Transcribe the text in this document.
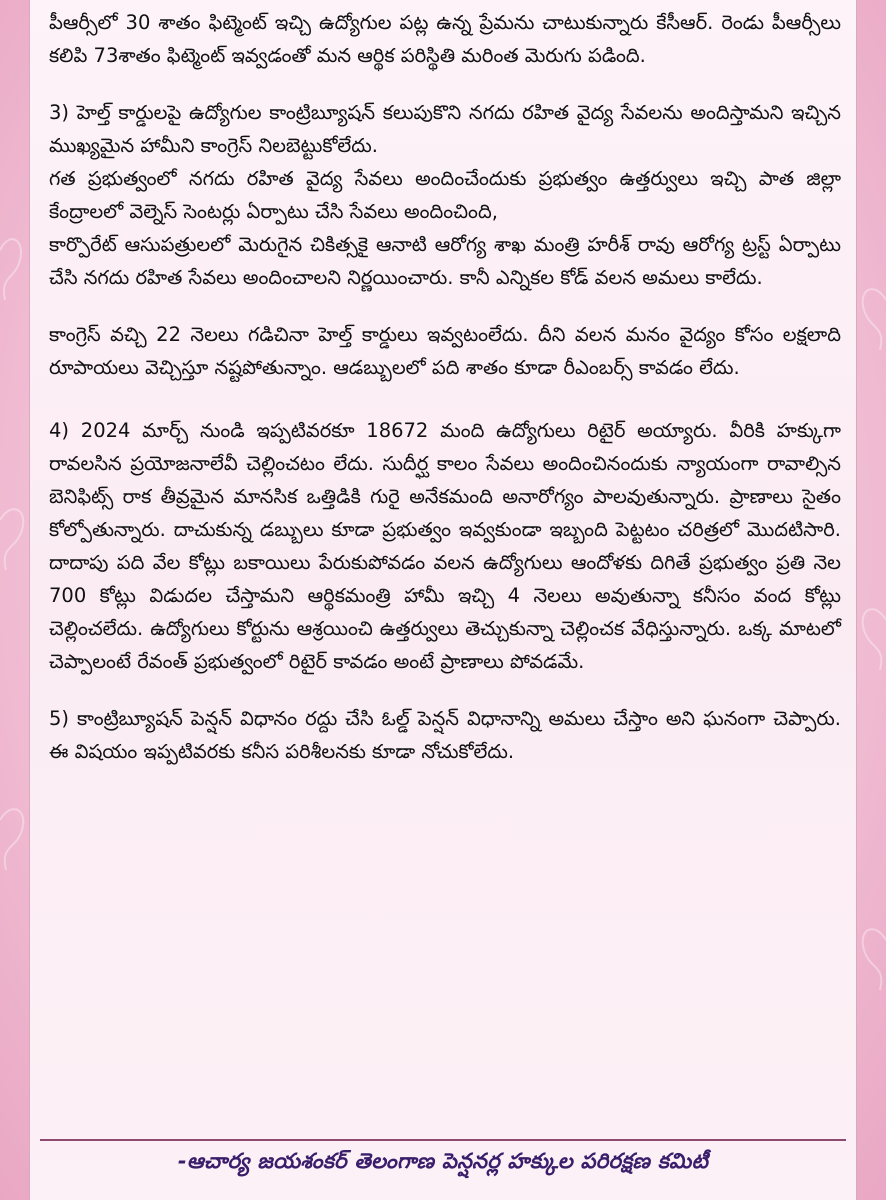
పీఆర్సీలో 30 శాతం ఫిట్మెంట్ ఇచ్చి ఉద్యోగుల పట్ల ఉన్న ప్రేమను చాటుకున్నారు కేసీఆర్. రెండు పీఆర్సీలు కలిపి 73శాతం ఫిట్మెంట్ ఇవ్వడంతో మన ఆర్థిక పరిస్థితి మరింత మెరుగు పడింది.

3) హెల్త్ కార్డులపై ఉద్యోగుల కాంట్రిబ్యూషన్ కలుపుకొని నగదు రహిత వైద్య సేవలను అందిస్తామని ఇచ్చిన ముఖ్యమైన హామీని కాంగ్రెస్ నిలబెట్టుకోలేదు.

గత ప్రభుత్వంలో నగదు రహిత వైద్య సేవలు అందించేందుకు ప్రభుత్వం ఉత్తర్వులు ఇచ్చి పాత జిల్లా కేంద్రాలలో వెల్నెస్ సెంటర్లు ఏర్పాటు చేసి సేవలు అందించింది,

కార్పొరేట్ ఆసుపత్రులలో మెరుగైన చికిత్సకై ఆనాటి ఆరోగ్య శాఖ మంత్రి హరీశ్ రావు ఆరోగ్య ట్రస్ట్ ఏర్పాటు చేసి నగదు రహిత సేవలు అందించాలని నిర్ణయించారు. కానీ ఎన్నికల కోడ్ వలన అమలు కాలేదు.

కాంగ్రెస్ వచ్చి 22 నెలలు గడిచినా హెల్త్ కార్డులు ఇవ్వటంలేదు. దీని వలన మనం వైద్యం కోసం లక్షలాది రూపాయలు వెచ్చిస్తూ నష్టపోతున్నాం. ఆడబ్బులలో పది శాతం కూడా రీఎంబర్స్ కావడం లేదు.

4) 2024 మార్చ్ నుండి ఇప్పటివరకూ 18672 మంది ఉద్యోగులు రిటైర్ అయ్యారు. వీరికి హక్కుగా రావలసిన ప్రయోజనాలేవీ చెల్లించటం లేదు. సుదీర్ఘ కాలం సేవలు అందించినందుకు న్యాయంగా రావాల్సిన బెనిఫిట్స్ రాక తీవ్రమైన మానసిక ఒత్తిడికి గురై అనేకమంది అనారోగ్యం పాలవుతున్నారు. ప్రాణాలు సైతం కోల్పోతున్నారు. దాచుకున్న డబ్బులు కూడా ప్రభుత్వం ఇవ్వకుండా ఇబ్బంది పెట్టటం చరిత్రలో మొదటిసారి. దాదాపు పది వేల కోట్లు బకాయిలు పేరుకుపోవడం వలన ఉద్యోగులు ఆందోళకు దిగితే ప్రభుత్వం ప్రతి నెల 700 కోట్లు విడుదల చేస్తామని ఆర్థికమంత్రి హామీ ఇచ్చి 4 నెలలు అవుతున్నా కనీసం వంద కోట్లు చెల్లించలేదు. ఉద్యోగులు కోర్టును ఆశ్రయించి ఉత్తర్వులు తెచ్చుకున్నా చెల్లించక వేధిస్తున్నారు. ఒక్క మాటలో చెప్పాలంటే రేవంత్ ప్రభుత్వంలో రిటైర్ కావడం అంటే ప్రాణాలు పోవడమే.

5) కాంట్రిబ్యూషన్ పెన్షన్ విధానం రద్దు చేసి ఓల్డ్ పెన్షన్ విధానాన్ని అమలు చేస్తాం అని ఘనంగా చెప్పారు. ఈ విషయం ఇప్పటివరకు కనీస పరిశీలనకు కూడా నోచుకోలేదు.

-ఆచార్య జయశంకర్ తెలంగాణ పెన్షనర్ల హక్కుల పరిరక్షణ కమిటీ
